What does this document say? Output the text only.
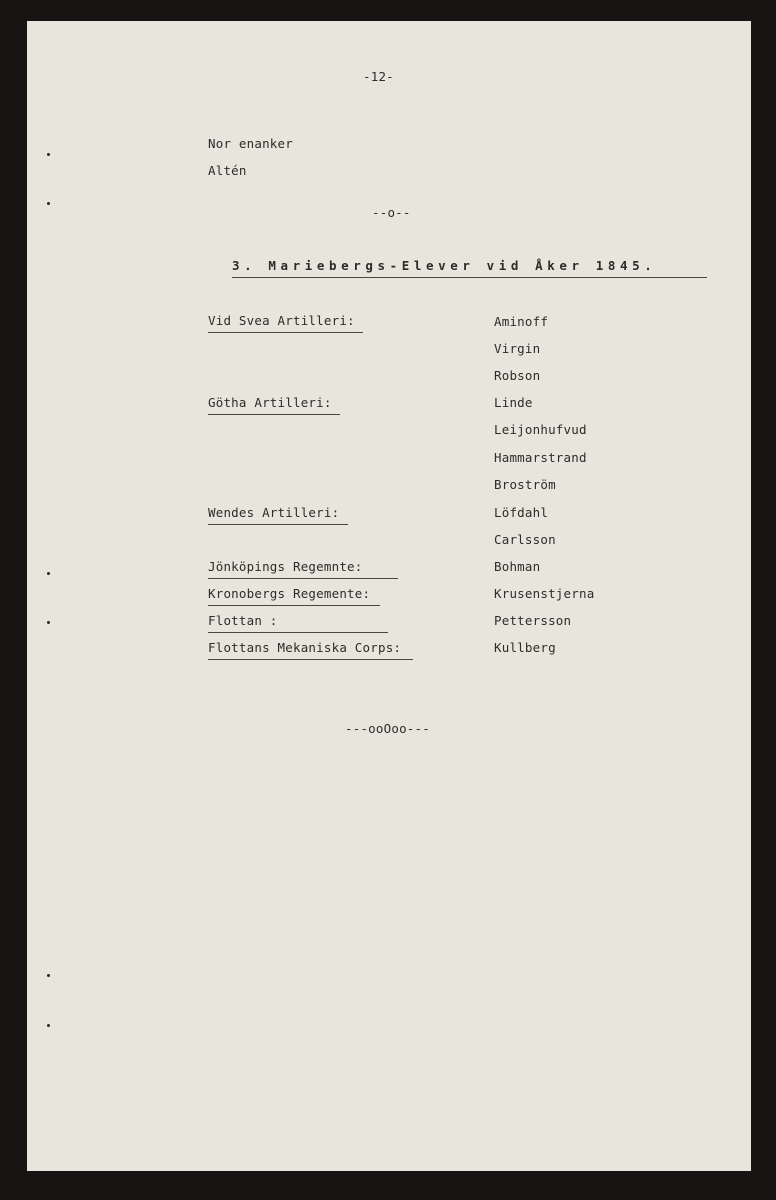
-12-
Nor enanker
Altén
--o--
3. Mariebergs-Elever vid Åker 1845.
Vid Svea Artilleri:
Götha Artilleri:
Wendes Artilleri:
Jönköpings Regemnte:
Kronobergs Regemente:
Flottan :
Flottans Mekaniska Corps:
Aminoff
Virgin
Robson
Linde
Leijonhufvud
Hammarstrand
Broström
Löfdahl
Carlsson
Bohman
Krusenstjerna
Pettersson
Kullberg
---ooOoo---
